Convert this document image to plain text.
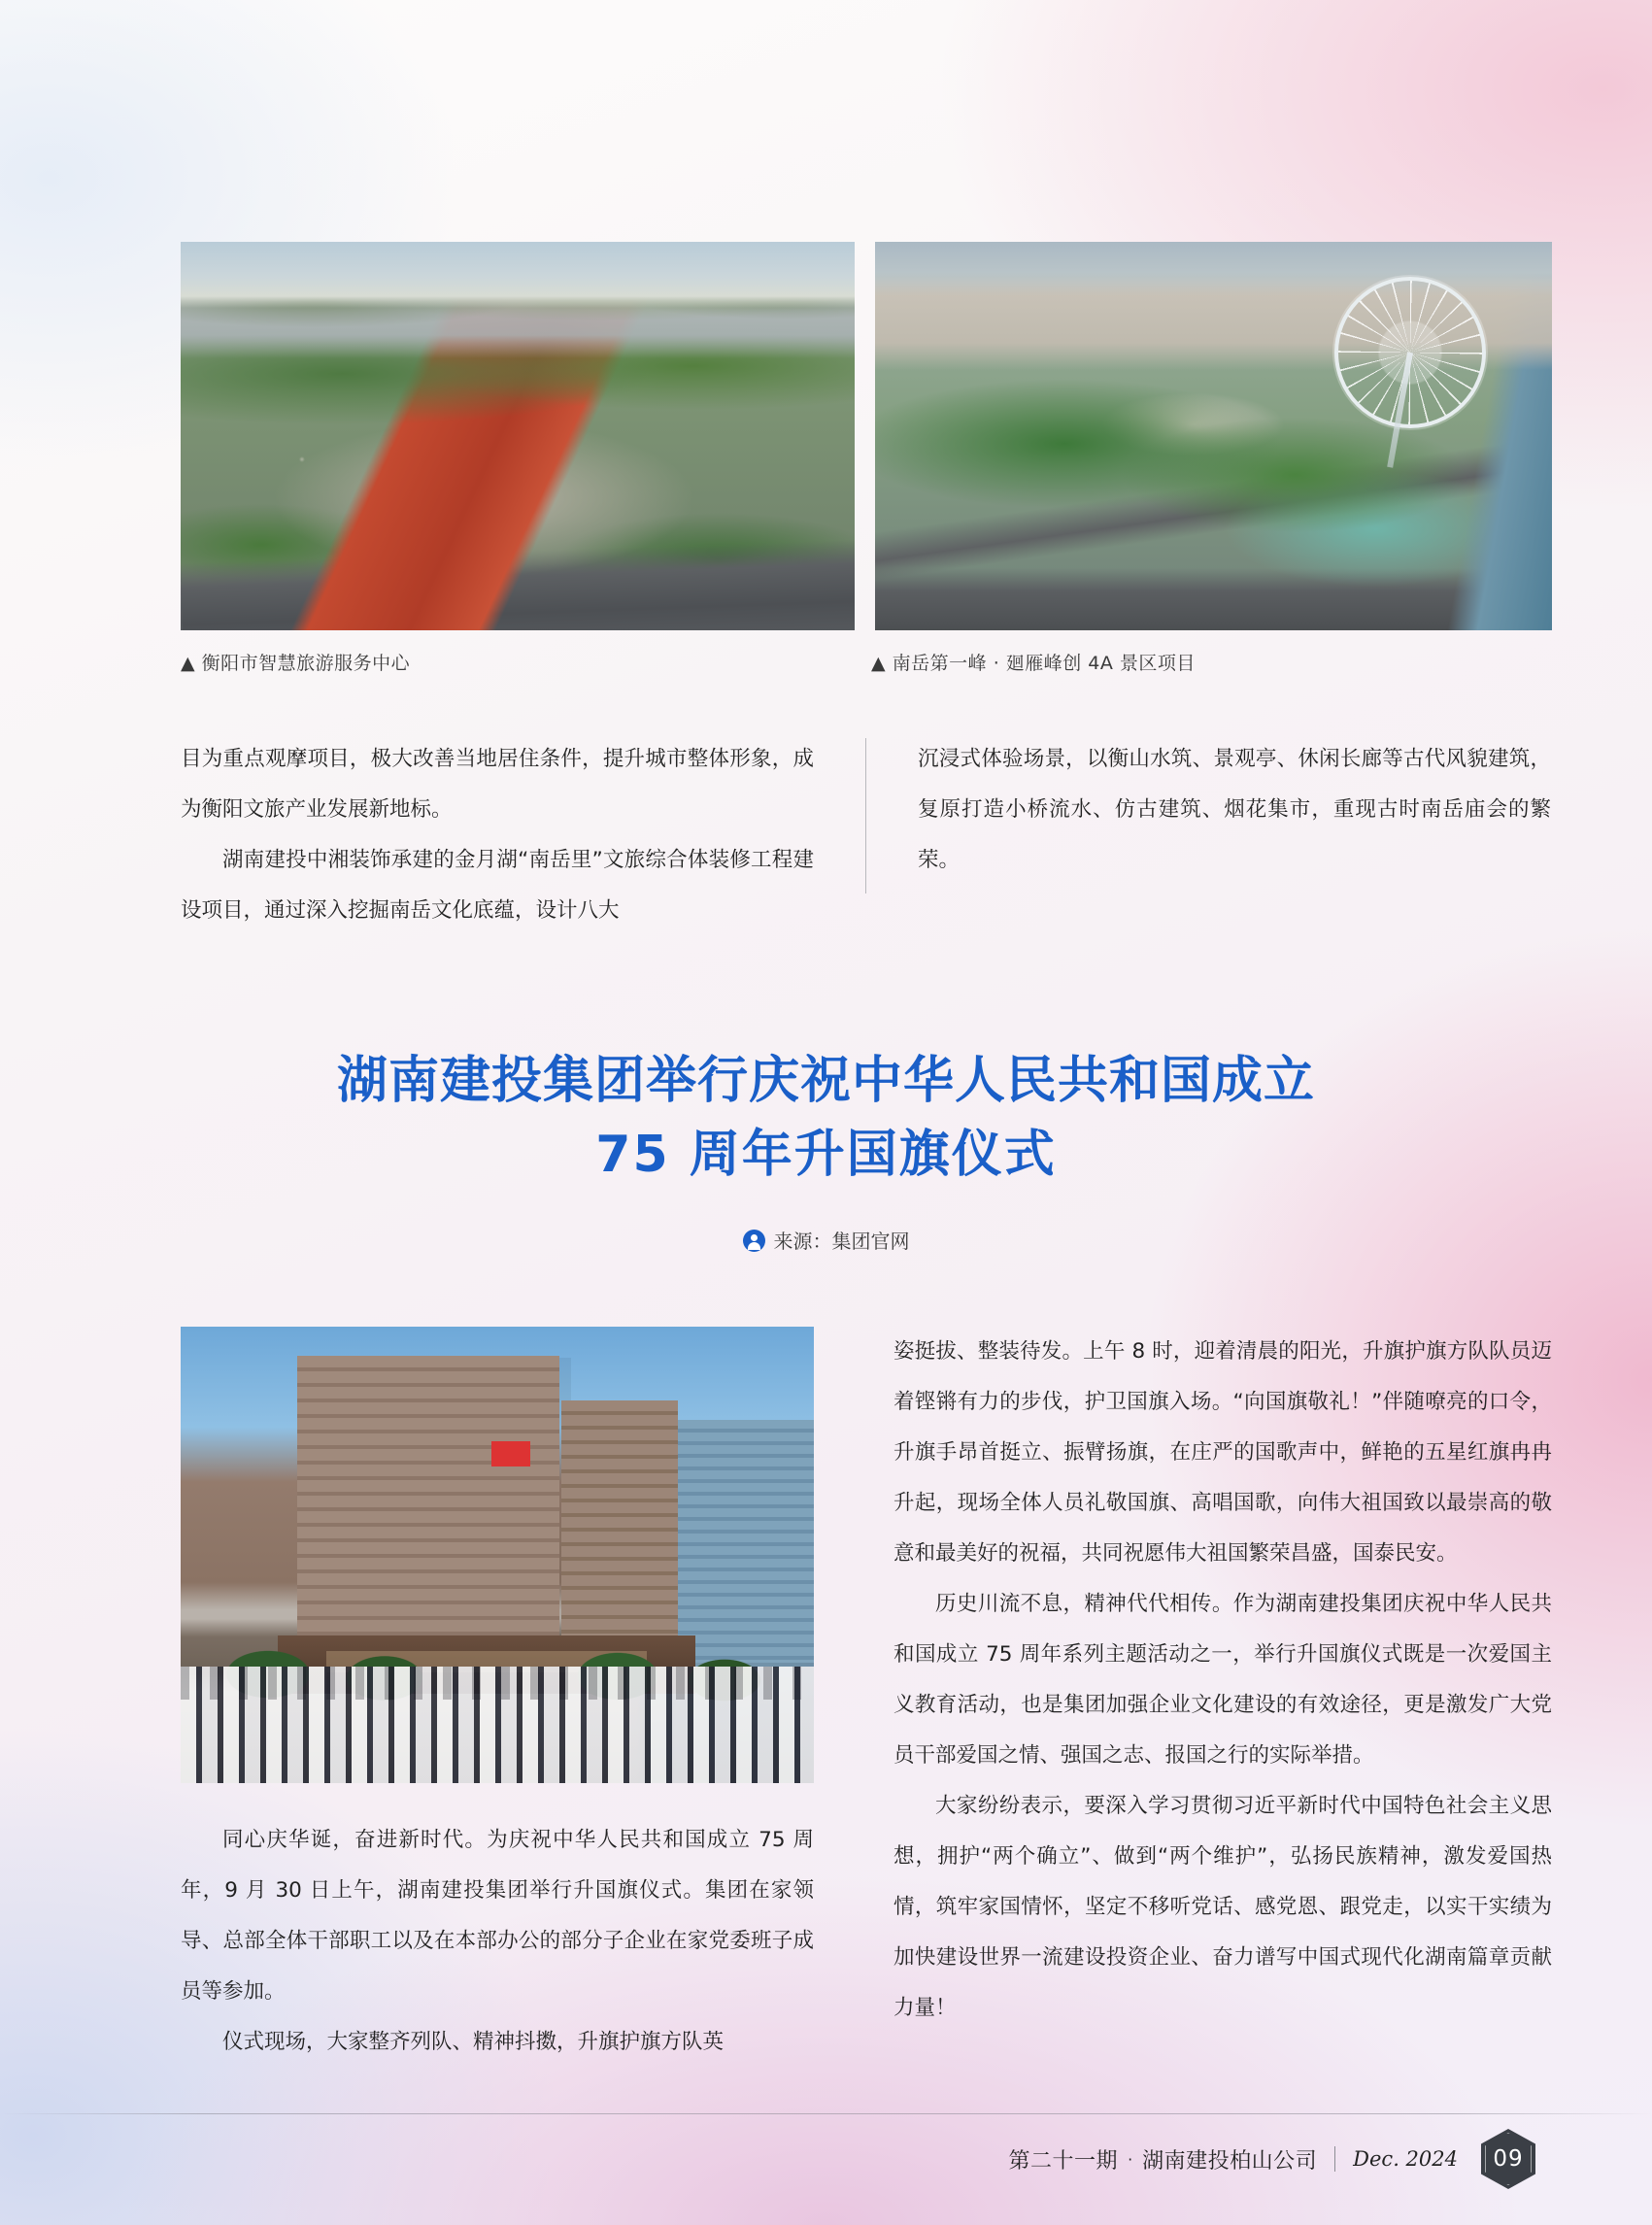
▲ 衡阳市智慧旅游服务中心	▲ 南岳第一峰 · 廻雁峰创 4A 景区项目

目为重点观摩项目，极大改善当地居住条件，提升城市整体形象，成为衡阳文旅产业发展新地标。

湖南建投中湘装饰承建的金月湖“南岳里”文旅综合体装修工程建设项目，通过深入挖掘南岳文化底蕴，设计八大

沉浸式体验场景，以衡山水筑、景观亭、休闲长廊等古代风貌建筑，复原打造小桥流水、仿古建筑、烟花集市，重现古时南岳庙会的繁荣。

湖南建投集团举行庆祝中华人民共和国成立
75 周年升国旗仪式
来源：集团官网

同心庆华诞，奋进新时代。为庆祝中华人民共和国成立 75 周年，9 月 30 日上午，湖南建投集团举行升国旗仪式。集团在家领导、总部全体干部职工以及在本部办公的部分子企业在家党委班子成员等参加。

仪式现场，大家整齐列队、精神抖擞，升旗护旗方队英

姿挺拔、整装待发。上午 8 时，迎着清晨的阳光，升旗护旗方队队员迈着铿锵有力的步伐，护卫国旗入场。“向国旗敬礼！”伴随嘹亮的口令，升旗手昂首挺立、振臂扬旗，在庄严的国歌声中，鲜艳的五星红旗冉冉升起，现场全体人员礼敬国旗、高唱国歌，向伟大祖国致以最崇高的敬意和最美好的祝福，共同祝愿伟大祖国繁荣昌盛，国泰民安。

历史川流不息，精神代代相传。作为湖南建投集团庆祝中华人民共和国成立 75 周年系列主题活动之一，举行升国旗仪式既是一次爱国主义教育活动，也是集团加强企业文化建设的有效途径，更是激发广大党员干部爱国之情、强国之志、报国之行的实际举措。

大家纷纷表示，要深入学习贯彻习近平新时代中国特色社会主义思想，拥护“两个确立”、做到“两个维护”，弘扬民族精神，激发爱国热情，筑牢家国情怀，坚定不移听党话、感党恩、跟党走，以实干实绩为加快建设世界一流建设投资企业、奋力谱写中国式现代化湖南篇章贡献力量！

第二十一期 · 湖南建投柏山公司 Dec. 2024 09
